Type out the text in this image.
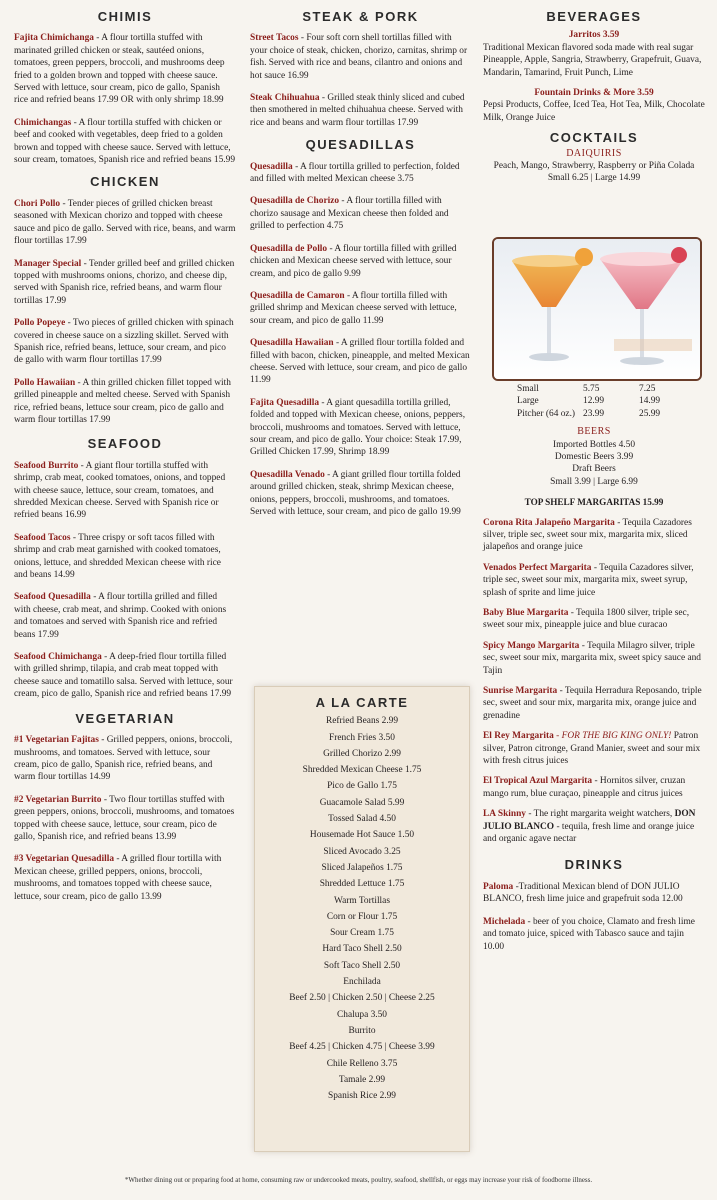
CHIMIS
Fajita Chimichanga - A flour tortilla stuffed with marinated grilled chicken or steak, sautéed onions, tomatoes, green peppers, broccoli, and mushrooms deep fried to a golden brown and topped with cheese sauce. Served with lettuce, sour cream, pico de gallo, Spanish rice and refried beans 17.99 OR with only shrimp 18.99
Chimichangas - A flour tortilla stuffed with chicken or beef and cooked with vegetables, deep fried to a golden brown and topped with cheese sauce. Served with lettuce, sour cream, tomatoes, Spanish rice and refried beans 15.99
CHICKEN
Chori Pollo - Tender pieces of grilled chicken breast seasoned with Mexican chorizo and topped with cheese sauce and pico de gallo. Served with rice, beans, and warm flour tortillas 17.99
Manager Special - Tender grilled beef and grilled chicken topped with mushrooms onions, chorizo, and cheese dip, served with Spanish rice, refried beans, and warm flour tortillas 17.99
Pollo Popeye - Two pieces of grilled chicken with spinach covered in cheese sauce on a sizzling skillet. Served with Spanish rice, refried beans, lettuce, sour cream, and pico de gallo with warm flour tortillas 17.99
Pollo Hawaiian - A thin grilled chicken fillet topped with grilled pineapple and melted cheese. Served with Spanish rice, refried beans, lettuce sour cream, pico de gallo and warm flour tortillas 17.99
SEAFOOD
Seafood Burrito - A giant flour tortilla stuffed with shrimp, crab meat, cooked tomatoes, onions, and topped with cheese sauce, lettuce, sour cream, tomatoes, and shredded Mexican cheese. Served with Spanish rice or refried beans 16.99
Seafood Tacos - Three crispy or soft tacos filled with shrimp and crab meat garnished with cooked tomatoes, onions, lettuce, and shredded Mexican cheese with rice and beans 14.99
Seafood Quesadilla - A flour tortilla grilled and filled with cheese, crab meat, and shrimp. Cooked with onions and tomatoes and served with Spanish rice and refried beans 17.99
Seafood Chimichanga - A deep-fried flour tortilla filled with grilled shrimp, tilapia, and crab meat topped with cheese sauce and tomatillo salsa. Served with lettuce, sour cream, pico de gallo, Spanish rice and refried beans 17.99
VEGETARIAN
#1 Vegetarian Fajitas - Grilled peppers, onions, broccoli, mushrooms, and tomatoes. Served with lettuce, sour cream, pico de gallo, Spanish rice, refried beans, and warm flour tortillas 14.99
#2 Vegetarian Burrito - Two flour tortillas stuffed with green peppers, onions, broccoli, mushrooms, and tomatoes topped with cheese sauce, lettuce, sour cream, pico de gallo, Spanish rice, and refried beans 13.99
#3 Vegetarian Quesadilla - A grilled flour tortilla with Mexican cheese, grilled peppers, onions, broccoli, mushrooms, and tomatoes topped with cheese sauce, lettuce, sour cream, pico de gallo 13.99
STEAK & PORK
Street Tacos - Four soft corn shell tortillas filled with your choice of steak, chicken, chorizo, carnitas, shrimp or fish. Served with rice and beans, cilantro and onions and hot sauce 16.99
Steak Chihuahua - Grilled steak thinly sliced and cubed then smothered in melted chihuahua cheese. Served with rice and beans and warm flour tortillas 17.99
QUESADILLAS
Quesadilla - A flour tortilla grilled to perfection, folded and filled with melted Mexican cheese 3.75
Quesadilla de Chorizo - A flour tortilla filled with chorizo sausage and Mexican cheese then folded and grilled to perfection 4.75
Quesadilla de Pollo - A flour tortilla filled with grilled chicken and Mexican cheese served with lettuce, sour cream, and pico de gallo 9.99
Quesadilla de Camaron - A flour tortilla filled with grilled shrimp and Mexican cheese served with lettuce, sour cream, and pico de gallo 11.99
Quesadilla Hawaiian - A grilled flour tortilla folded and filled with bacon, chicken, pineapple, and melted Mexican cheese. Served with lettuce, sour cream, and pico de gallo 11.99
Fajita Quesadilla - A giant quesadilla tortilla grilled, folded and topped with Mexican cheese, onions, peppers, broccoli, mushrooms and tomatoes. Served with lettuce, sour cream, and pico de gallo. Your choice: Steak 17.99, Grilled Chicken 17.99, Shrimp 18.99
Quesadilla Venado - A giant grilled flour tortilla folded around grilled chicken, steak, shrimp Mexican cheese, onions, peppers, broccoli, mushrooms, and tomatoes. Served with lettuce, sour cream, and pico de gallo 19.99
A LA CARTE
Refried Beans 2.99
French Fries 3.50
Grilled Chorizo 2.99
Shredded Mexican Cheese 1.75
Pico de Gallo 1.75
Guacamole Salad 5.99
Tossed Salad 4.50
Housemade Hot Sauce 1.50
Sliced Avocado 3.25
Sliced Jalapeños 1.75
Shredded Lettuce 1.75
Warm Tortillas
Corn or Flour 1.75
Sour Cream 1.75
Hard Taco Shell 2.50
Soft Taco Shell 2.50
Enchilada
Beef 2.50 | Chicken 2.50 | Cheese 2.25
Chalupa 3.50
Burrito
Beef 4.25 | Chicken 4.75 | Cheese 3.99
Chile Relleno 3.75
Tamale 2.99
Spanish Rice 2.99
BEVERAGES
Jarritos 3.59
Traditional Mexican flavored soda made with real sugar Pineapple, Apple, Sangria, Strawberry, Grapefruit, Guava, Mandarin, Tamarind, Fruit Punch, Lime
Fountain Drinks & More 3.59
Pepsi Products, Coffee, Iced Tea, Hot Tea, Milk, Chocolate Milk, Orange Juice
COCKTAILS
DAIQUIRIS
Peach, Mango, Strawberry, Raspberry or Piña Colada
Small 6.25 | Large 14.99
Small	5.75	7.25
Large	12.99	14.99
Pitcher (64 oz.) 23.99	25.99
BEERS
Imported Bottles 4.50
Domestic Beers 3.99
Draft Beers
Small 3.99 | Large 6.99
TOP SHELF MARGARITAS 15.99
Corona Rita Jalapeño Margarita - Tequila Cazadores silver, triple sec, sweet sour mix, margarita mix, sliced jalapeños and orange juice
Venados Perfect Margarita - Tequila Cazadores silver, triple sec, sweet sour mix, margarita mix, sweet syrup, splash of sprite and lime juice
Baby Blue Margarita - Tequila 1800 silver, triple sec, sweet sour mix, pineapple juice and blue curacao
Spicy Mango Margarita - Tequila Milagro silver, triple sec, sweet sour mix, margarita mix, sweet spicy sauce and Tajin
Sunrise Margarita - Tequila Herradura Reposando, triple sec, sweet and sour mix, margarita mix, orange juice and grenadine
El Rey Margarita - FOR THE BIG KING ONLY! Patron silver, Patron citronge, Grand Manier, sweet and sour mix with fresh citrus juices
El Tropical Azul Margarita - Hornitos silver, cruzan mango rum, blue curaçao, pineapple and citrus juices
LA Skinny - The right margarita weight watchers, DON JULIO BLANCO - tequila, fresh lime and orange juice and organic agave nectar
DRINKS
Paloma -Traditional Mexican blend of DON JULIO BLANCO, fresh lime juice and grapefruit soda 12.00
Michelada - beer of you choice, Clamato and fresh lime and tomato juice, spiced with Tabasco sauce and tajin 10.00
*Whether dining out or preparing food at home, consuming raw or undercooked meats, poultry, seafood, shellfish, or eggs may increase your risk of foodborne illness.
